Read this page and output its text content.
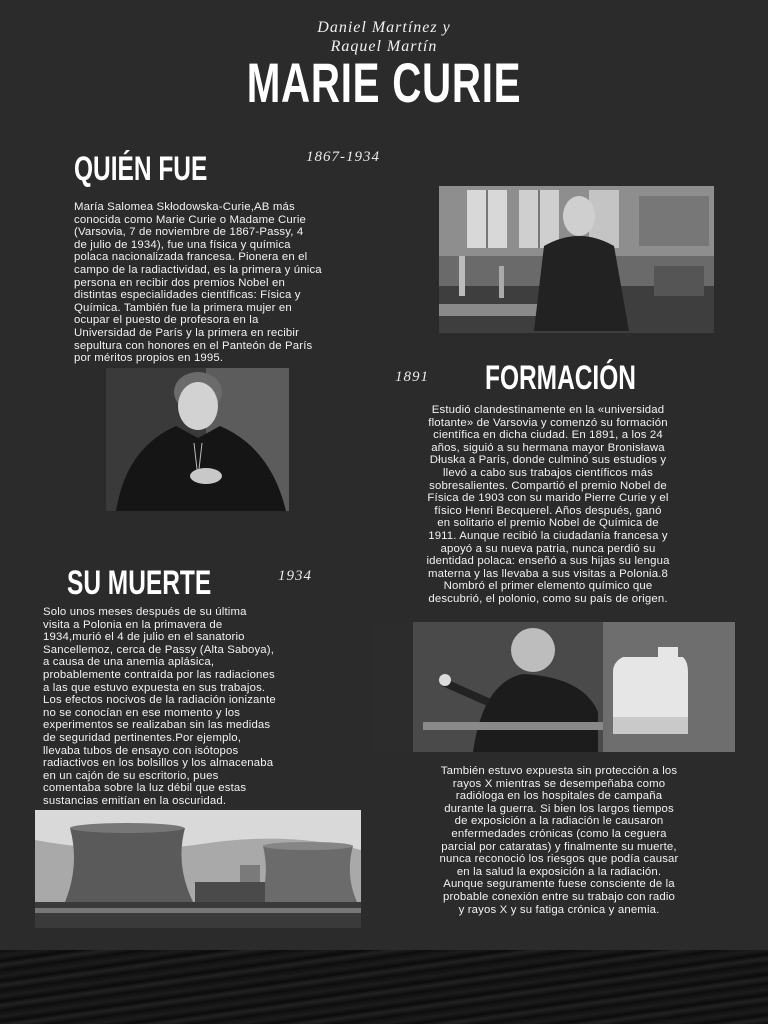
Daniel Martínez y
Raquel Martín
MARIE CURIE
QUIÉN FUE	1867-1934
María Salomea Skłodowska-Curie,AB más
conocida como Marie Curie o Madame Curie
(Varsovia, 7 de noviembre de 1867-Passy, 4
de julio de 1934), fue una física y química
polaca nacionalizada francesa. Pionera en el
campo de la radiactividad, es la primera y única
persona en recibir dos premios Nobel en
distintas especialidades científicas: Física y
Química. También fue la primera mujer en
ocupar el puesto de profesora en la
Universidad de París y la primera en recibir
sepultura con honores en el Panteón de París
por méritos propios en 1995.
1891 FORMACIÓN
Estudió clandestinamente en la «universidad
flotante» de Varsovia y comenzó su formación
científica en dicha ciudad. En 1891, a los 24
años, siguió a su hermana mayor Bronisława
Dłuska a París, donde culminó sus estudios y
llevó a cabo sus trabajos científicos más
sobresalientes. Compartió el premio Nobel de
Física de 1903 con su marido Pierre Curie y el
físico Henri Becquerel. Años después, ganó
en solitario el premio Nobel de Química de
1911. Aunque recibió la ciudadanía francesa y
apoyó a su nueva patria, nunca perdió su
identidad polaca: enseñó a sus hijas su lengua
materna y las llevaba a sus visitas a Polonia.8
Nombró el primer elemento químico que
descubrió, el polonio, como su país de origen.
SU MUERTE	1934
Solo unos meses después de su última
visita a Polonia en la primavera de
1934,murió el 4 de julio en el sanatorio
Sancellemoz, cerca de Passy (Alta Saboya),
a causa de una anemia aplásica,
probablemente contraída por las radiaciones
a las que estuvo expuesta en sus trabajos.
Los efectos nocivos de la radiación ionizante
no se conocían en ese momento y los
experimentos se realizaban sin las medidas
de seguridad pertinentes.Por ejemplo,
llevaba tubos de ensayo con isótopos
radiactivos en los bolsillos y los almacenaba
en un cajón de su escritorio, pues
comentaba sobre la luz débil que estas
sustancias emitían en la oscuridad.
También estuvo expuesta sin protección a los
rayos X mientras se desempeñaba como
radióloga en los hospitales de campaña
durante la guerra. Si bien los largos tiempos
de exposición a la radiación le causaron
enfermedades crónicas (como la ceguera
parcial por cataratas) y finalmente su muerte,
nunca reconoció los riesgos que podía causar
en la salud la exposición a la radiación.
Aunque seguramente fuese consciente de la
probable conexión entre su trabajo con radio
y rayos X y su fatiga crónica y anemia.
